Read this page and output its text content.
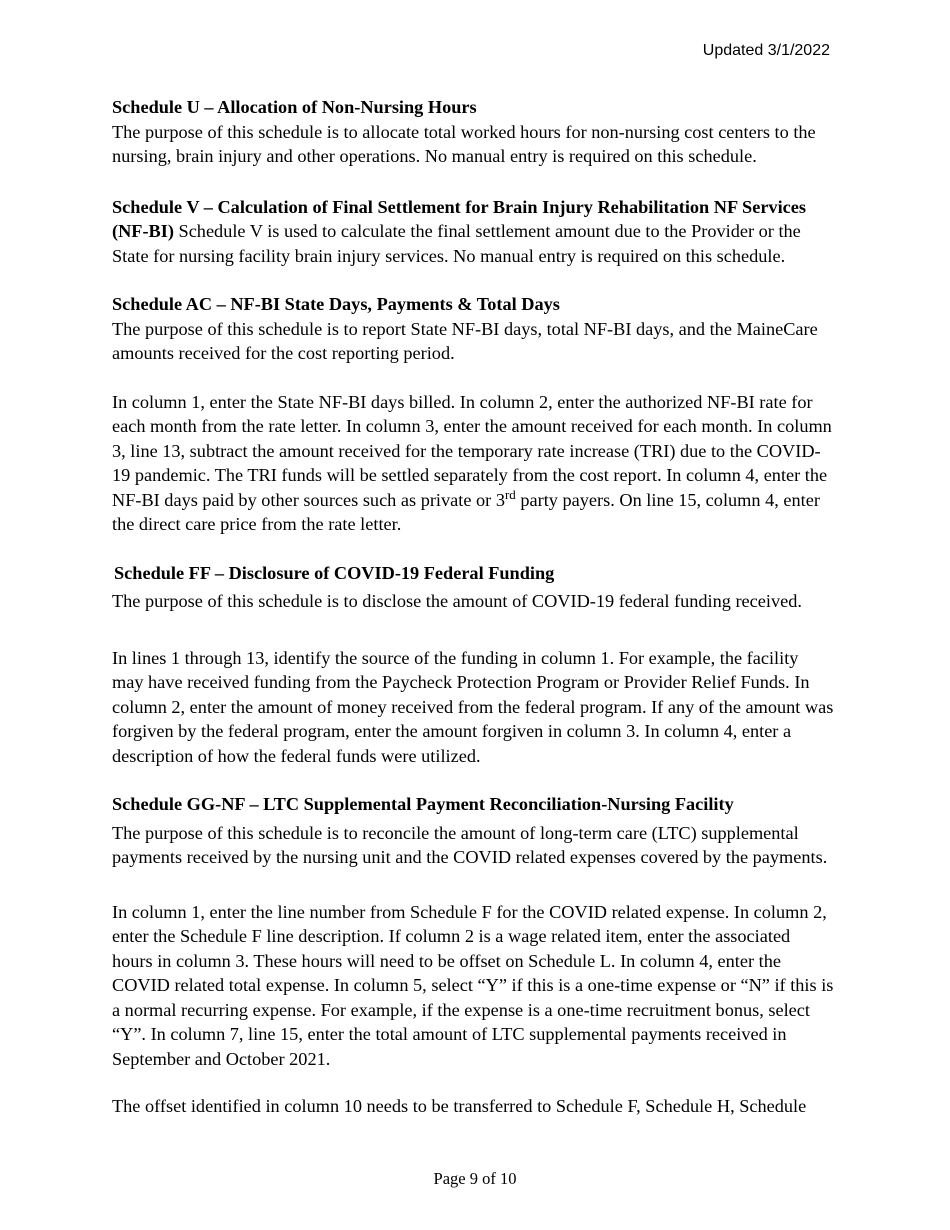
Updated 3/1/2022

Schedule U – Allocation of Non-Nursing Hours

The purpose of this schedule is to allocate total worked hours for non-nursing cost centers to the nursing, brain injury and other operations. No manual entry is required on this schedule.

Schedule V – Calculation of Final Settlement for Brain Injury Rehabilitation NF Services (NF-BI) Schedule V is used to calculate the final settlement amount due to the Provider or the State for nursing facility brain injury services. No manual entry is required on this schedule.

Schedule AC – NF-BI State Days, Payments & Total Days

The purpose of this schedule is to report State NF-BI days, total NF-BI days, and the MaineCare amounts received for the cost reporting period.

In column 1, enter the State NF-BI days billed. In column 2, enter the authorized NF-BI rate for each month from the rate letter. In column 3, enter the amount received for each month. In column 3, line 13, subtract the amount received for the temporary rate increase (TRI) due to the COVID-19 pandemic. The TRI funds will be settled separately from the cost report. In column 4, enter the NF-BI days paid by other sources such as private or 3rd party payers. On line 15, column 4, enter the direct care price from the rate letter.

Schedule FF – Disclosure of COVID-19 Federal Funding

The purpose of this schedule is to disclose the amount of COVID-19 federal funding received.

In lines 1 through 13, identify the source of the funding in column 1. For example, the facility may have received funding from the Paycheck Protection Program or Provider Relief Funds. In column 2, enter the amount of money received from the federal program. If any of the amount was forgiven by the federal program, enter the amount forgiven in column 3. In column 4, enter a description of how the federal funds were utilized.

Schedule GG-NF – LTC Supplemental Payment Reconciliation-Nursing Facility

The purpose of this schedule is to reconcile the amount of long-term care (LTC) supplemental payments received by the nursing unit and the COVID related expenses covered by the payments.

In column 1, enter the line number from Schedule F for the COVID related expense. In column 2, enter the Schedule F line description. If column 2 is a wage related item, enter the associated hours in column 3. These hours will need to be offset on Schedule L. In column 4, enter the COVID related total expense. In column 5, select “Y” if this is a one-time expense or “N” if this is a normal recurring expense. For example, if the expense is a one-time recruitment bonus, select “Y”. In column 7, line 15, enter the total amount of LTC supplemental payments received in September and October 2021.

The offset identified in column 10 needs to be transferred to Schedule F, Schedule H, Schedule

Page 9 of 10
